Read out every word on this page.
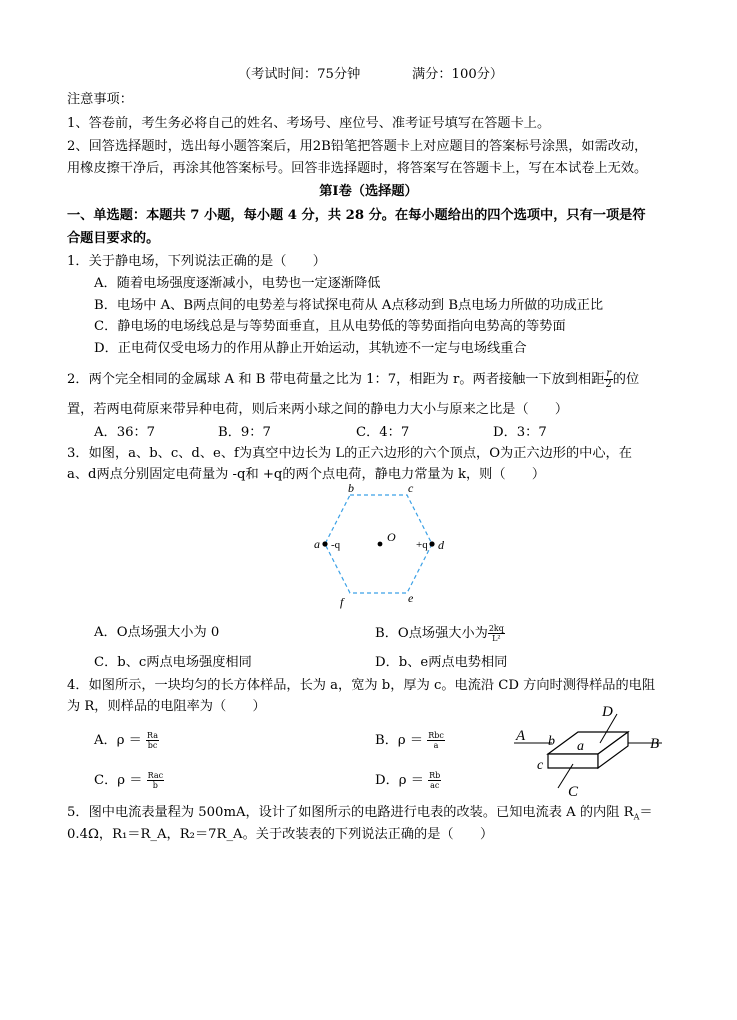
（考试时间：75分钟	满分：100分）
注意事项：
1、答卷前，考生务必将自己的姓名、考场号、座位号、准考证号填写在答题卡上。
2、回答选择题时，选出每小题答案后，用2B铅笔把答题卡上对应题目的答案标号涂黑，如需改动，
用橡皮擦干净后，再涂其他答案标号。回答非选择题时，将答案写在答题卡上，写在本试卷上无效。
第Ⅰ卷（选择题）
一、单选题：本题共 7 小题，每小题 4 分，共 28 分。在每小题给出的四个选项中，只有一项是符
合题目要求的。
1．关于静电场，下列说法正确的是（　　）
A．随着电场强度逐渐减小，电势也一定逐渐降低
B．电场中 A、B两点间的电势差与将试探电荷从 A点移动到 B点电场力所做的功成正比
C．静电场的电场线总是与等势面垂直，且从电势低的等势面指向电势高的等势面
D．正电荷仅受电场力的作用从静止开始运动，其轨迹不一定与电场线重合
2．两个完全相同的金属球 A 和 B 带电荷量之比为 1：7，相距为 r。两者接触一下放到相距 $\frac{r}{2}$ 的位
置，若两电荷原来带异种电荷，则后来两小球之间的静电力大小与原来之比是（　　）
A．36：7	B．9：7	C．4：7	D．3：7
3．如图，a、b、c、d、e、f为真空中边长为 L的正六边形的六个顶点，O为正六边形的中心，在
a、d两点分别固定电荷量为 -q和 +q的两个点电荷，静电力常量为 k，则（　　）
b	c
a -q
O
+q d
f	e
A．O点场强大小为 0	B．O点场强大小为 $\frac{2kq}{\text{L²}}$
C．b、c两点电场强度相同	D．b、e两点电势相同
4．如图所示，一块均匀的长方体样品，长为 a，宽为 b，厚为 c。电流沿 CD 方向时测得样品的电阻
为 R，则样品的电阻率为（　　）
A．$\rho = \frac{Ra}{bc}$	B．$\rho = \frac{\text{Rbc}}{a}$
C．$\rho = \frac{\text{Rac}}{b}$	D．$\rho = \frac{Rb}{ac}$
A	B
D
C
b a
c
5．图中电流表量程为 500mA，设计了如图所示的电路进行电表的改装。已知电流表 A 的内阻 $R_A=$
0.4Ω，R₁＝R_A，R₂＝7R_A。关于改装表的下列说法正确的是（　　）
